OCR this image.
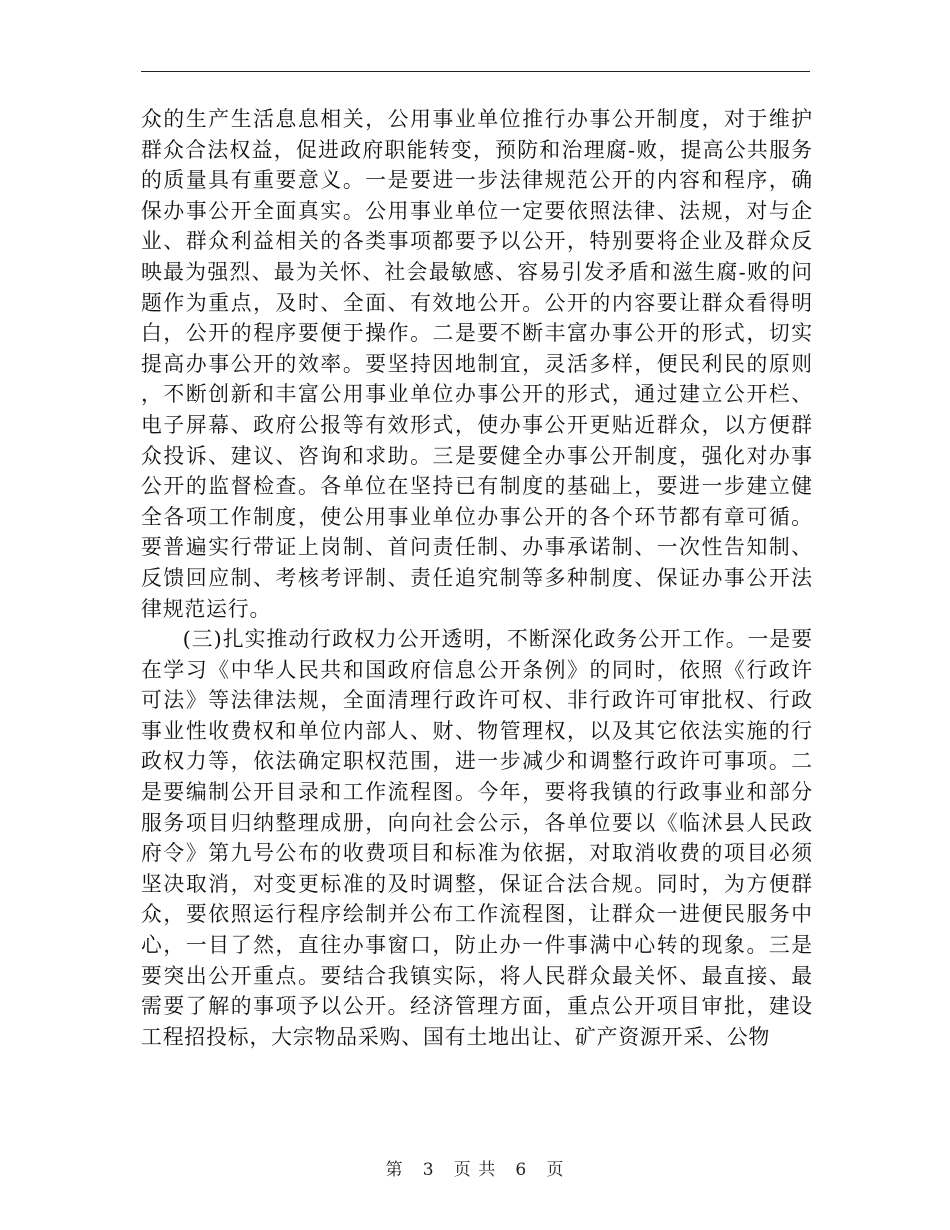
众的生产生活息息相关，公用事业单位推行办事公开制度，对于维护群众合法权益，促进政府职能转变，预防和治理腐-败，提高公共服务的质量具有重要意义。一是要进一步法律规范公开的内容和程序，确保办事公开全面真实。公用事业单位一定要依照法律、法规，对与企业、群众利益相关的各类事项都要予以公开，特别要将企业及群众反映最为强烈、最为关怀、社会最敏感、容易引发矛盾和滋生腐-败的问题作为重点，及时、全面、有效地公开。公开的内容要让群众看得明白，公开的程序要便于操作。二是要不断丰富办事公开的形式，切实提高办事公开的效率。要坚持因地制宜，灵活多样，便民利民的原则，不断创新和丰富公用事业单位办事公开的形式，通过建立公开栏、电子屏幕、政府公报等有效形式，使办事公开更贴近群众，以方便群众投诉、建议、咨询和求助。三是要健全办事公开制度，强化对办事公开的监督检查。各单位在坚持已有制度的基础上，要进一步建立健全各项工作制度，使公用事业单位办事公开的各个环节都有章可循。要普遍实行带证上岗制、首问责任制、办事承诺制、一次性告知制、反馈回应制、考核考评制、责任追究制等多种制度、保证办事公开法律规范运行。

(三)扎实推动行政权力公开透明，不断深化政务公开工作。一是要在学习《中华人民共和国政府信息公开条例》的同时，依照《行政许可法》等法律法规，全面清理行政许可权、非行政许可审批权、行政事业性收费权和单位内部人、财、物管理权，以及其它依法实施的行政权力等，依法确定职权范围，进一步减少和调整行政许可事项。二是要编制公开目录和工作流程图。今年，要将我镇的行政事业和部分服务项目归纳整理成册，向向社会公示，各单位要以《临沭县人民政府令》第九号公布的收费项目和标准为依据，对取消收费的项目必须坚决取消，对变更标准的及时调整，保证合法合规。同时，为方便群众，要依照运行程序绘制并公布工作流程图，让群众一进便民服务中心，一目了然，直往办事窗口，防止办一件事满中心转的现象。三是要突出公开重点。要结合我镇实际，将人民群众最关怀、最直接、最需要了解的事项予以公开。经济管理方面，重点公开项目审批，建设工程招投标，大宗物品采购、国有土地出让、矿产资源开采、公物

第 3 页 共 6 页
